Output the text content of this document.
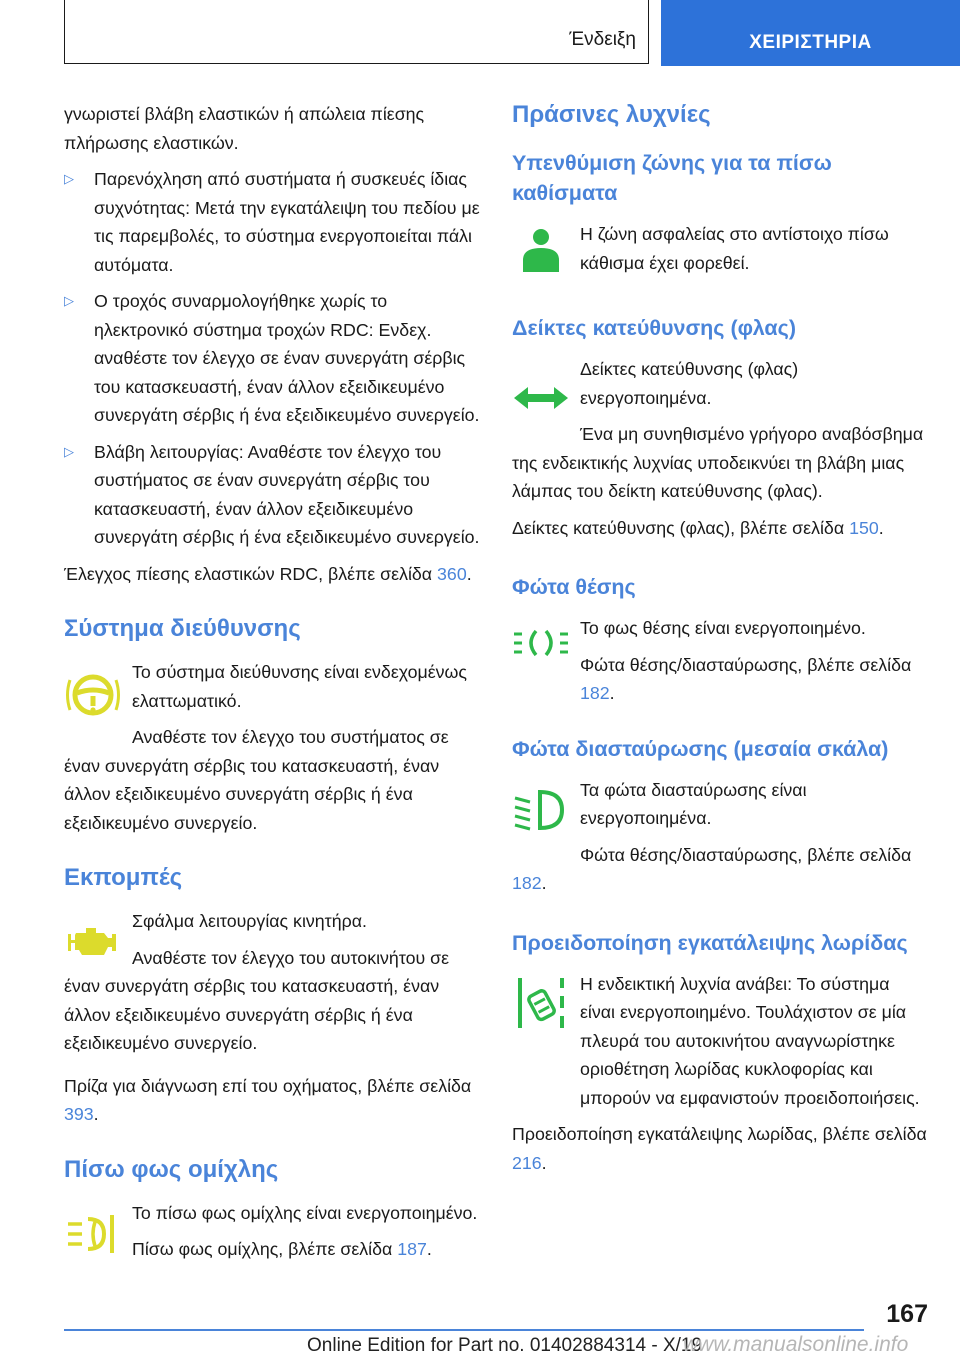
Ένδειξη	ΧΕΙΡΙΣΤΗΡΙΑ

γνωριστεί βλάβη ελαστικών ή απώλεια πίεσης πλήρωσης ελαστικών.

▷	Παρενόχληση από συστήματα ή συσκευές ίδιας συχνότητας: Μετά την εγκατάλειψη του πεδίου με τις παρεμβολές, το σύστημα ενεργοποιείται πάλι αυτόματα.
▷	Ο τροχός συναρμολογήθηκε χωρίς το ηλεκτρονικό σύστημα τροχών RDC: Ενδεχ. αναθέστε τον έλεγχο σε έναν συνεργάτη σέρβις του κατασκευαστή, έναν άλλον εξειδικευμένο συνεργάτη σέρβις ή ένα εξειδικευμένο συνεργείο.
▷	Βλάβη λειτουργίας: Αναθέστε τον έλεγχο του συστήματος σε έναν συνεργάτη σέρβις του κατασκευαστή, έναν άλλον εξειδικευμένο συνεργάτη σέρβις ή ένα εξειδικευμένο συνεργείο.

Έλεγχος πίεσης ελαστικών RDC, βλέπε σελίδα 360.

Σύστημα διεύθυνσης

Το σύστημα διεύθυνσης είναι ενδεχομένως ελαττωματικό.

Αναθέστε τον έλεγχο του συστήματος σε έναν συνεργάτη σέρβις του κατασκευαστή, έναν άλλον εξειδικευμένο συνεργάτη σέρβις ή ένα εξειδικευμένο συνεργείο.

Εκπομπές

Σφάλμα λειτουργίας κινητήρα.

Αναθέστε τον έλεγχο του αυτοκινήτου σε έναν συνεργάτη σέρβις του κατασκευαστή, έναν άλλον εξειδικευμένο συνεργάτη σέρβις ή ένα εξειδικευμένο συνεργείο.

Πρίζα για διάγνωση επί του οχήματος, βλέπε σελίδα 393.

Πίσω φως ομίχλης

Το πίσω φως ομίχλης είναι ενεργοποιημένο.

Πίσω φως ομίχλης, βλέπε σελίδα 187.

Πράσινες λυχνίες
Υπενθύμιση ζώνης για τα πίσω καθίσματα

Η ζώνη ασφαλείας στο αντίστοιχο πίσω κάθισμα έχει φορεθεί.

Δείκτες κατεύθυνσης (φλας)

Δείκτες κατεύθυνσης (φλας) ενεργοποιημένα.

Ένα μη συνηθισμένο γρήγορο αναβόσβημα της ενδεικτικής λυχνίας υποδεικνύει τη βλάβη μιας λάμπας του δείκτη κατεύθυνσης (φλας).

Δείκτες κατεύθυνσης (φλας), βλέπε σελίδα 150.

Φώτα θέσης

Το φως θέσης είναι ενεργοποιημένο.

Φώτα θέσης/διασταύρωσης, βλέπε σελίδα 182.

Φώτα διασταύρωσης (μεσαία σκάλα)

Τα φώτα διασταύρωσης είναι ενεργοποιημένα.

Φώτα θέσης/διασταύρωσης, βλέπε σελίδα 182.

Προειδοποίηση εγκατάλειψης λωρίδας

Η ενδεικτική λυχνία ανάβει: Το σύστημα είναι ενεργοποιημένο. Τουλάχιστον σε μία πλευρά του αυτοκινήτου αναγνωρίστηκε οριοθέτηση λωρίδας κυκλοφορίας και μπορούν να εμφανιστούν προειδοποιήσεις.

Προειδοποίηση εγκατάλειψης λωρίδας, βλέπε σελίδα 216.

167
Online Edition for Part no. 01402884314 - X/19
www.manualsonline.info
